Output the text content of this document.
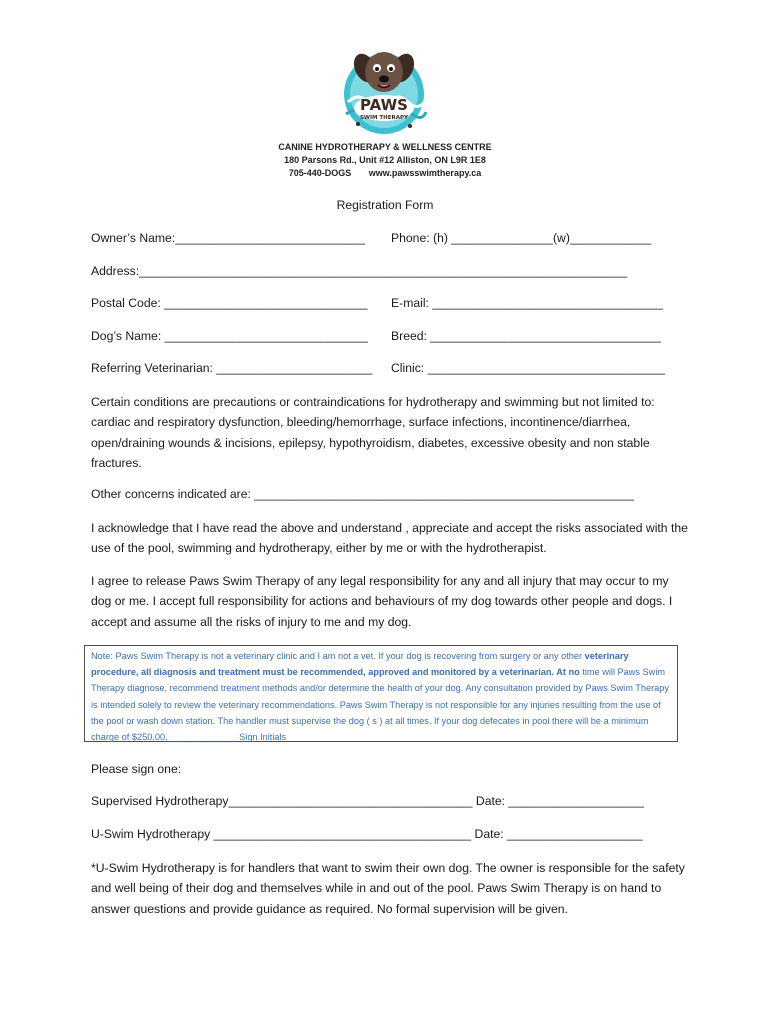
PAWS
SWIM THERAPY
CANINE HYDROTHERAPY & WELLNESS CENTRE
180 Parsons Rd., Unit #12 Alliston, ON L9R 1E8
705-440-DOGS www.pawsswimtherapy.ca
Registration Form
Owner’s Name:____________________________ Phone: (h) _______________(w)____________
Address:________________________________________________________________________
Postal Code: ______________________________ E-mail: __________________________________
Dog’s Name: ______________________________ Breed: __________________________________
Referring Veterinarian: _______________________ Clinic: ___________________________________
Certain conditions are precautions or contraindications for hydrotherapy and swimming but not limited to: cardiac and respiratory dysfunction, bleeding/hemorrhage, surface infections, incontinence/diarrhea, open/draining wounds & incisions, epilepsy, hypothyroidism, diabetes, excessive obesity and non stable fractures.
Other concerns indicated are: ________________________________________________________
I acknowledge that I have read the above and understand , appreciate and accept the risks associated with the use of the pool, swimming and hydrotherapy, either by me or with the hydrotherapist.
I agree to release Paws Swim Therapy of any legal responsibility for any and all injury that may occur to my dog or me. I accept full responsibility for actions and behaviours of my dog towards other people and dogs. I accept and assume all the risks of injury to me and my dog.
Note: Paws Swim Therapy is not a veterinary clinic and I am not a vet. If your dog is recovering from surgery or any other veterinary procedure, all diagnosis and treatment must be recommended, approved and monitored by a veterinarian. At no time will Paws Swim Therapy diagnose, recommend treatment methods and/or determine the health of your dog. Any consultation provided by Paws Swim Therapy is intended solely to review the veterinary recommendations. Paws Swim Therapy is not responsible for any injuries resulting from the use of the pool or wash down station. The handler must supervise the dog ( s ) at all times. If your dog defecates in pool there will be a minimum charge of $250.00. _____________ Sign Initials
Please sign one:
Supervised Hydrotherapy____________________________________ Date: ____________________
U-Swim Hydrotherapy ______________________________________ Date: ____________________
*U-Swim Hydrotherapy is for handlers that want to swim their own dog. The owner is responsible for the safety and well being of their dog and themselves while in and out of the pool. Paws Swim Therapy is on hand to answer questions and provide guidance as required. No formal supervision will be given.
